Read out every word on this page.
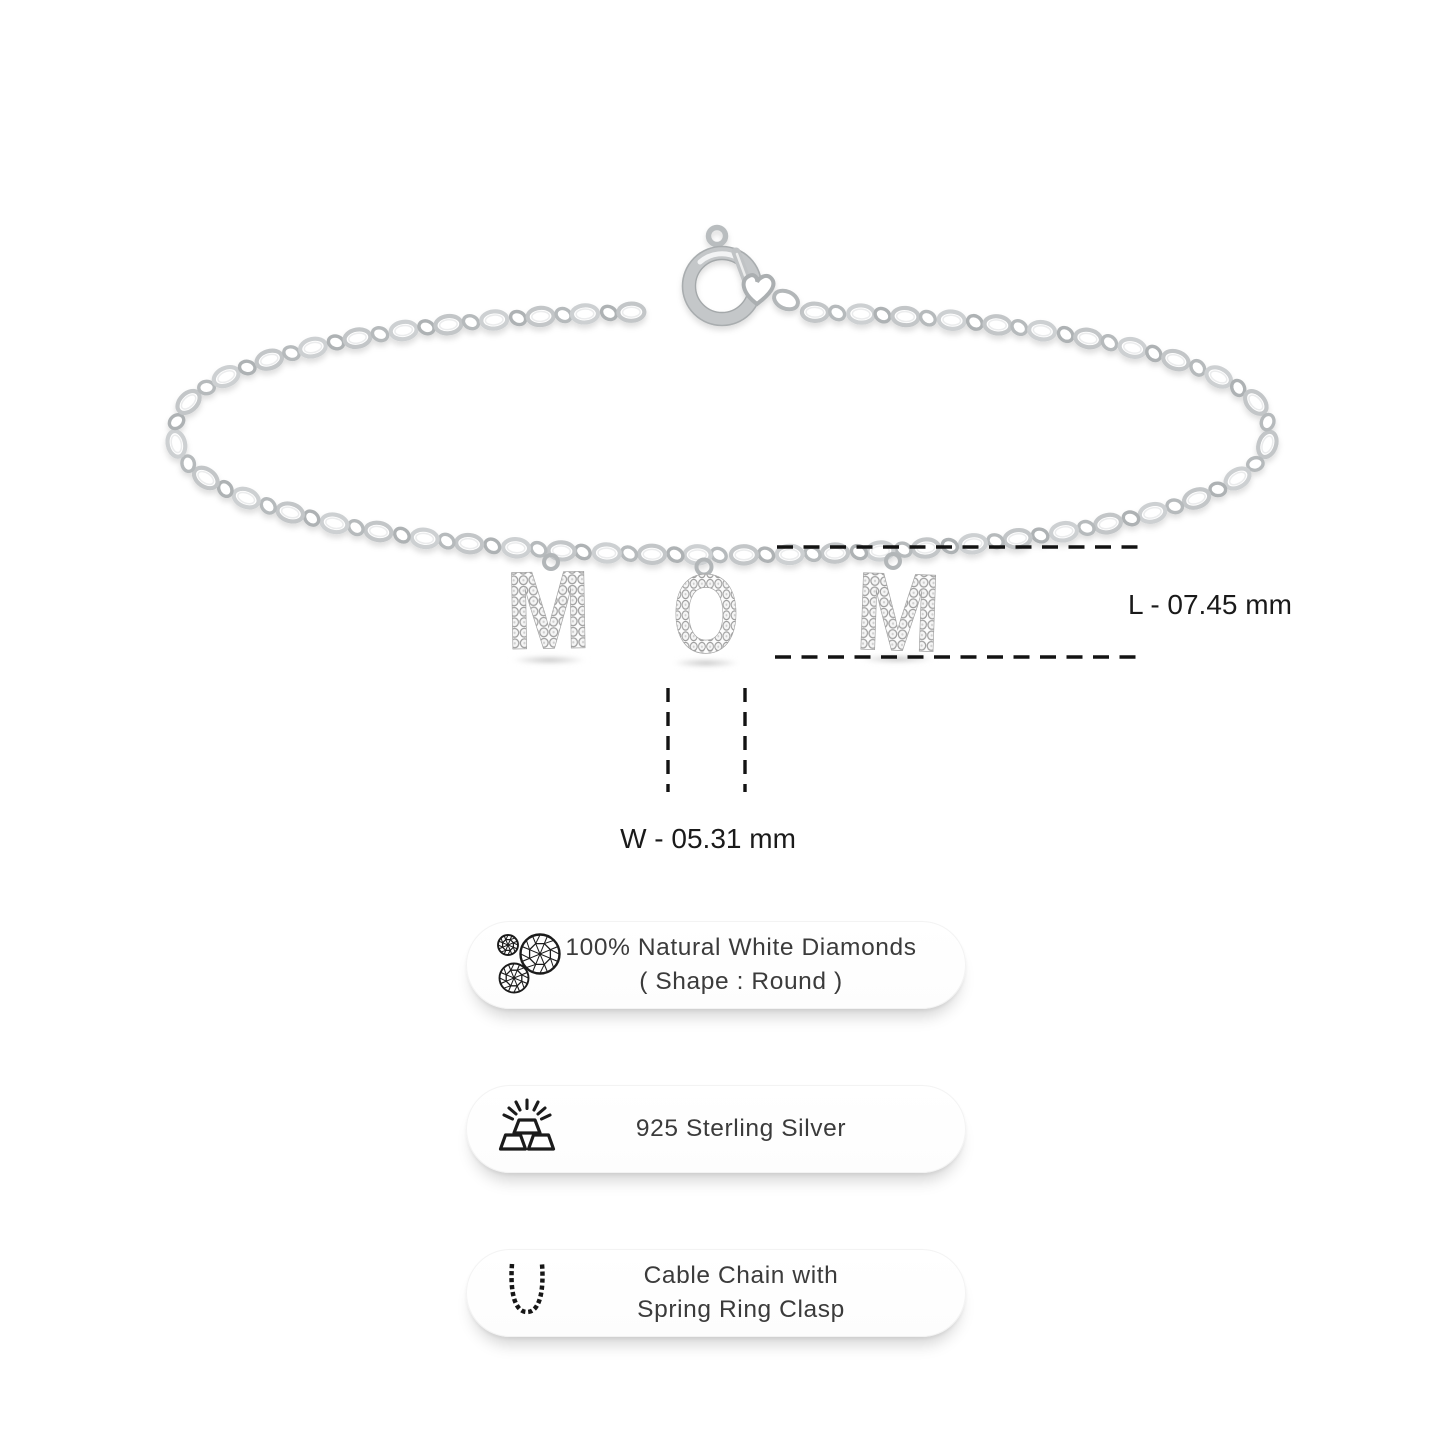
M O M	L - 07.45 mm
W - 05.31 mm
100% Natural White Diamonds
( Shape : Round )
925 Sterling Silver
Cable Chain with
Spring Ring Clasp
